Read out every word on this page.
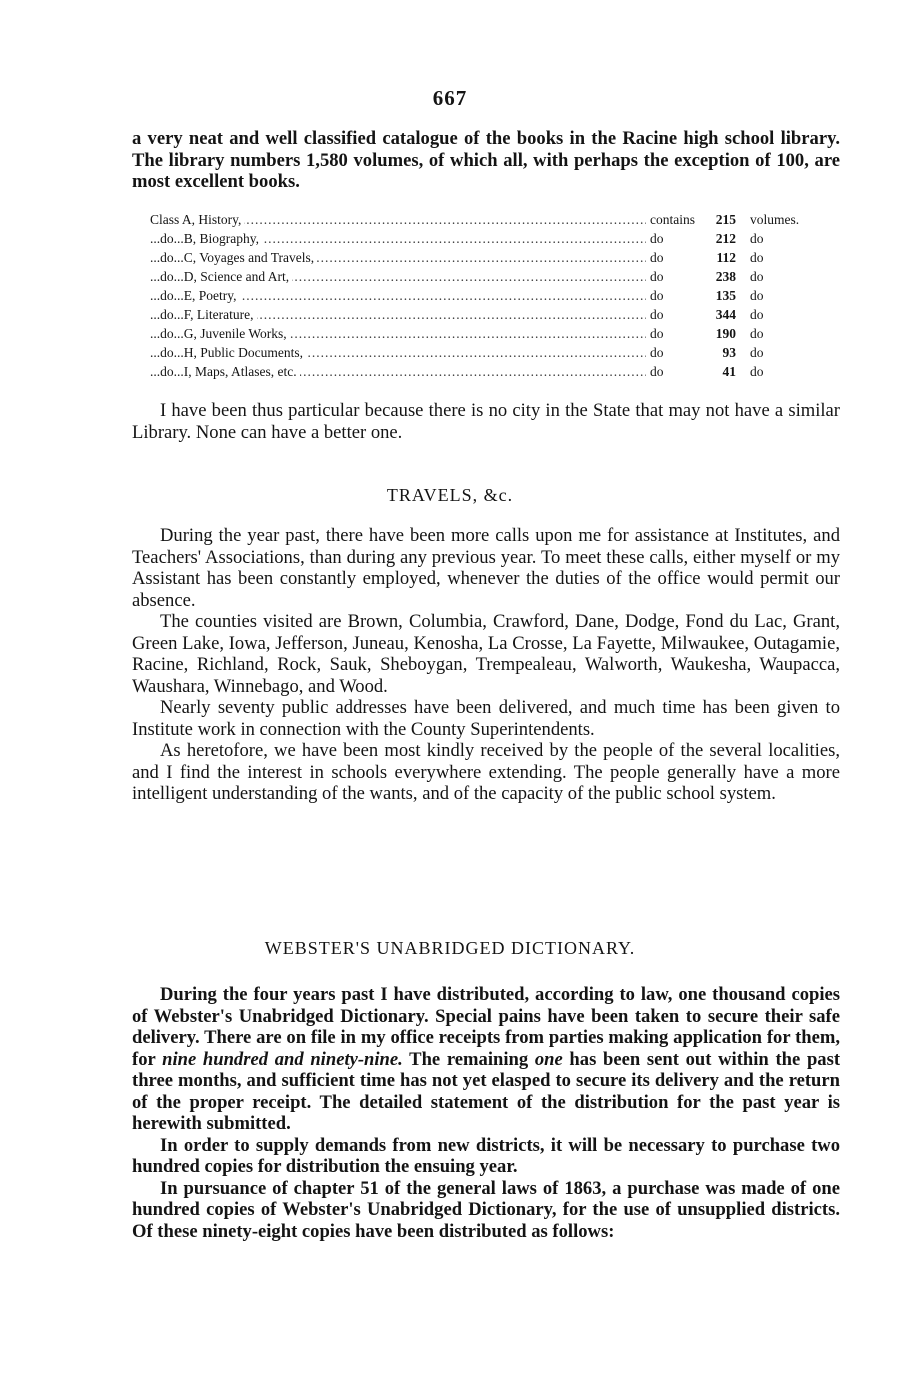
667

a very neat and well classified catalogue of the books in the Racine high school library. The library numbers 1,580 volumes, of which all, with perhaps the exception of 100, are most excellent books.

Class A, History, .....	contains	215	volumes.
...do...B, Biography, .....	do	212	do
...do...C, Voyages and Travels, .....	do	112	do
...do...D, Science and Art, .....	do	238	do
...do...E, Poetry, .....	do	135	do
...do...F, Literature, .....	do	344	do
...do...G, Juvenile Works, .....	do	190	do
...do...H, Public Documents, .....	do	93	do
...do...I, Maps, Atlases, etc. .....	do	41	do

I have been thus particular because there is no city in the State that may not have a similar Library. None can have a better one.

TRAVELS, &c.

During the year past, there have been more calls upon me for assistance at Institutes, and Teachers' Associations, than during any previous year. To meet these calls, either myself or my Assistant has been constantly employed, whenever the duties of the office would permit our absence.

The counties visited are Brown, Columbia, Crawford, Dane, Dodge, Fond du Lac, Grant, Green Lake, Iowa, Jefferson, Juneau, Kenosha, La Crosse, La Fayette, Milwaukee, Outagamie, Racine, Richland, Rock, Sauk, Sheboygan, Trempealeau, Walworth, Waukesha, Waupacca, Waushara, Winnebago, and Wood.

Nearly seventy public addresses have been delivered, and much time has been given to Institute work in connection with the County Superintendents.

As heretofore, we have been most kindly received by the people of the several localities, and I find the interest in schools everywhere extending. The people generally have a more intelligent understanding of the wants, and of the capacity of the public school system.

WEBSTER'S UNABRIDGED DICTIONARY.

During the four years past I have distributed, according to law, one thousand copies of Webster's Unabridged Dictionary. Special pains have been taken to secure their safe delivery. There are on file in my office receipts from parties making application for them, for nine hundred and ninety-nine. The remaining one has been sent out within the past three months, and sufficient time has not yet elasped to secure its delivery and the return of the proper receipt. The detailed statement of the distribution for the past year is herewith submitted.

In order to supply demands from new districts, it will be necessary to purchase two hundred copies for distribution the ensuing year.

In pursuance of chapter 51 of the general laws of 1863, a purchase was made of one hundred copies of Webster's Unabridged Dictionary, for the use of unsupplied districts. Of these ninety-eight copies have been distributed as follows:
